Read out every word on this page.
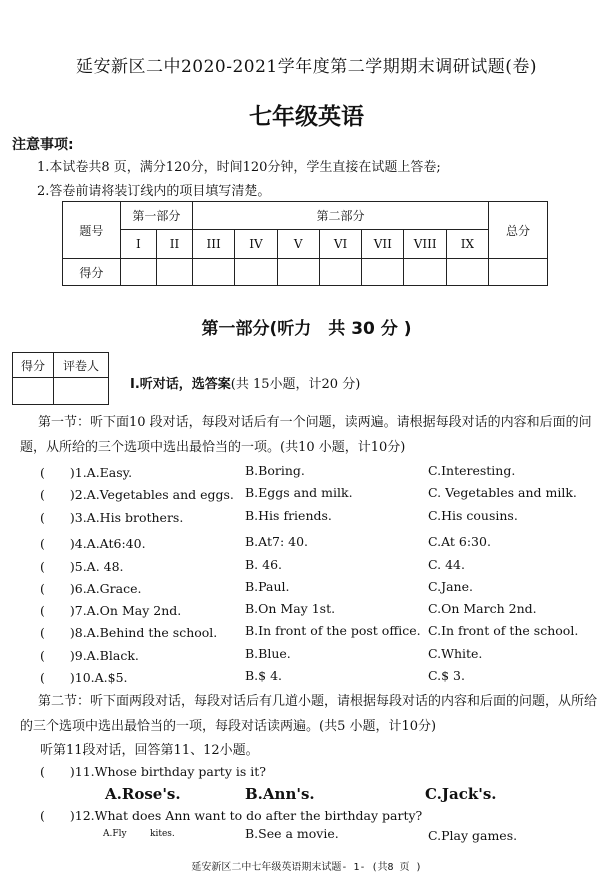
延安新区二中2020-2021学年度第二学期期末调研试题(卷)
七年级英语
注意事项:
1.本试卷共8 页，满分120分，时间120分钟，学生直接在试题上答卷;
2.答卷前请将装订线内的项目填写清楚。
题号	第一部分		第二部分							总分
	I	II	III	IV	V	VI	VII	VIII	IX	
得分										
第一部分(听力　共 30 分 )
得分	评卷人

I.听对话，选答案(共 15小题，计20 分)
第一节：听下面10 段对话，每段对话后有一个问题，读两遍。请根据每段对话的内容和后面的问题，从所给的三个选项中选出最恰当的一项。(共10 小题，计10分)
(　　)1.A.Easy.	B.Boring.	C.Interesting.
(　　)2.A.Vegetables and eggs. B.Eggs and milk.	C. Vegetables and milk.
(　　)3.A.His brothers.	B.His friends.	C.His cousins.
(　　)4.A.At6:40.	B.At7: 40.	C.At 6:30.
(　　)5.A. 48.	B. 46.	C. 44.
(　　)6.A.Grace.	B.Paul.	C.Jane.
(　　)7.A.On May 2nd.	B.On May 1st.	C.On March 2nd.
(　　)8.A.Behind the school. B.In front of the post office. C.In front of the school.
(　　)9.A.Black.	B.Blue.	C.White.
(　　)10.A.$5.	B.$ 4.	C.$ 3.
第二节：听下面两段对话，每段对话后有几道小题，请根据每段对话的内容和后面的问题，从所给的三个选项中选出最恰当的一项，每段对话读两遍。(共5 小题，计10分)
听第11段对话，回答第11、12小题。
(　　)11.Whose birthday party is it?
A.Rose's.	B.Ann's.	C.Jack's.
(　　)12.What does Ann want to do after the birthday party?
A.Fly	kites.	B.See a movie.	C.Play games.
延安新区二中七年级英语期末试题- 1- (共8 页 )
